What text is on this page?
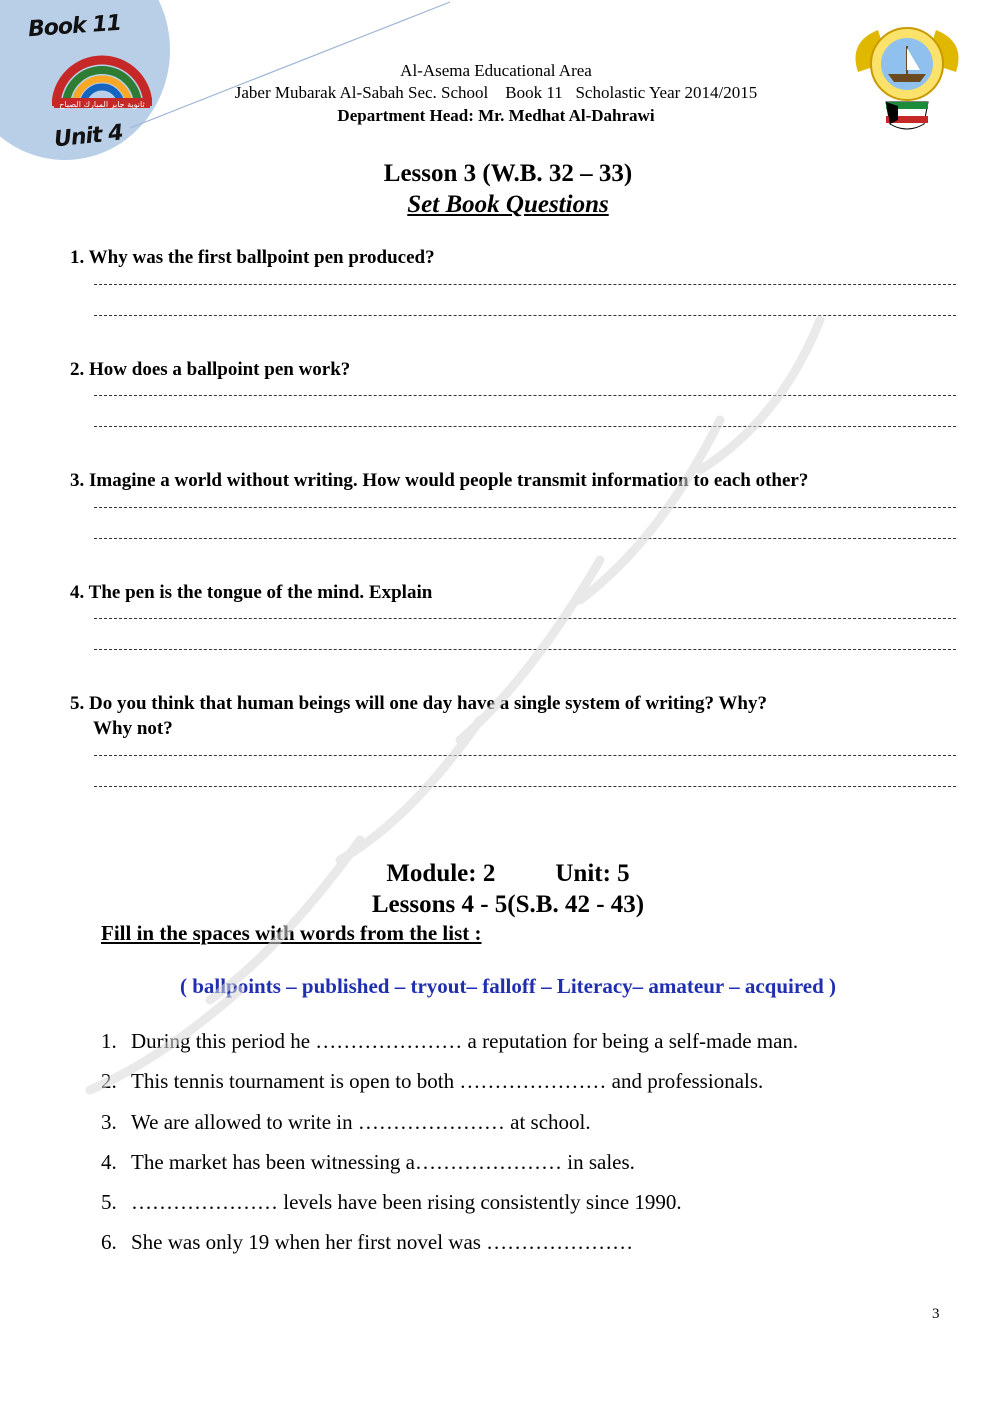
Book 11
ثانوية جابر المبارك الصباح
Unit 4
Al-Asema Educational Area
Jaber Mubarak Al-Sabah Sec. School    Book 11   Scholastic Year 2014/2015
Department Head: Mr. Medhat Al-Dahrawi
Lesson 3 (W.B. 32 – 33)
Set Book Questions
1. Why was the first ballpoint pen produced?
2. How does a ballpoint pen work?
3. Imagine a world without writing. How would people transmit information to each other?
4. The pen is the tongue of the mind. Explain
5. Do you think that human beings will one day have a single system of writing? Why?
Why not?
Module: 2 Unit: 5
Lessons 4 - 5(S.B. 42 - 43)
Fill in the spaces with words from the list :
( ballpoints – published – tryout– falloff – Literacy– amateur – acquired )
1. During this period he ………………… a reputation for being a self-made man.
2. This tennis tournament is open to both ………………… and professionals.
3. We are allowed to write in ………………… at school.
4. The market has been witnessing a………………… in sales.
5. ………………… levels have been rising consistently since 1990.
6. She was only 19 when her first novel was …………………
3
